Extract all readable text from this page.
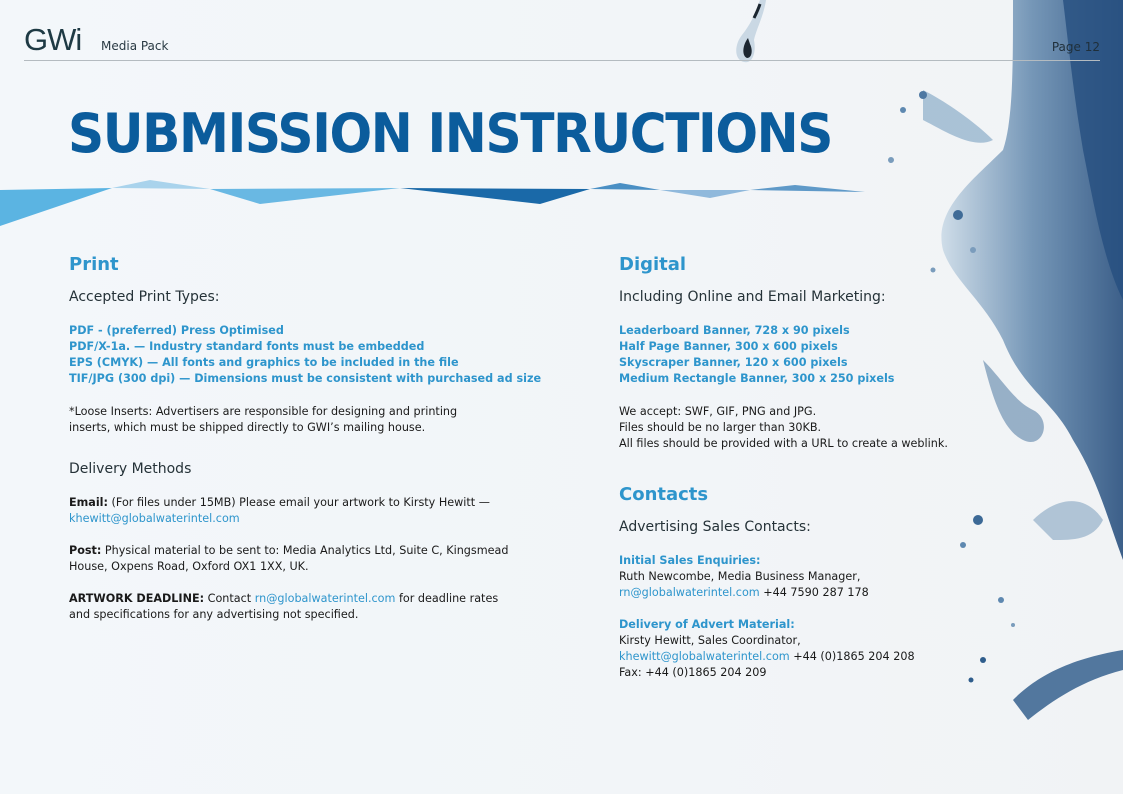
GWi Media Pack	Page 12
SUBMISSION INSTRUCTIONS
Print
Accepted Print Types:
PDF - (preferred) Press Optimised
PDF/X-1a. — Industry standard fonts must be embedded
EPS (CMYK) — All fonts and graphics to be included in the file
TIF/JPG (300 dpi) — Dimensions must be consistent with purchased ad size
*Loose Inserts: Advertisers are responsible for designing and printing
inserts, which must be shipped directly to GWI’s mailing house.
Delivery Methods
Email: (For files under 15MB) Please email your artwork to Kirsty Hewitt —
khewitt@globalwaterintel.com
Post: Physical material to be sent to: Media Analytics Ltd, Suite C, Kingsmead
House, Oxpens Road, Oxford OX1 1XX, UK.
ARTWORK DEADLINE: Contact rn@globalwaterintel.com for deadline rates
and specifications for any advertising not specified.
Digital
Including Online and Email Marketing:
Leaderboard Banner, 728 x 90 pixels
Half Page Banner, 300 x 600 pixels
Skyscraper Banner, 120 x 600 pixels
Medium Rectangle Banner, 300 x 250 pixels
We accept: SWF, GIF, PNG and JPG.
Files should be no larger than 30KB.
All files should be provided with a URL to create a weblink.
Contacts
Advertising Sales Contacts:
Initial Sales Enquiries:
Ruth Newcombe, Media Business Manager,
rn@globalwaterintel.com +44 7590 287 178
Delivery of Advert Material:
Kirsty Hewitt, Sales Coordinator,
khewitt@globalwaterintel.com +44 (0)1865 204 208
Fax: +44 (0)1865 204 209
